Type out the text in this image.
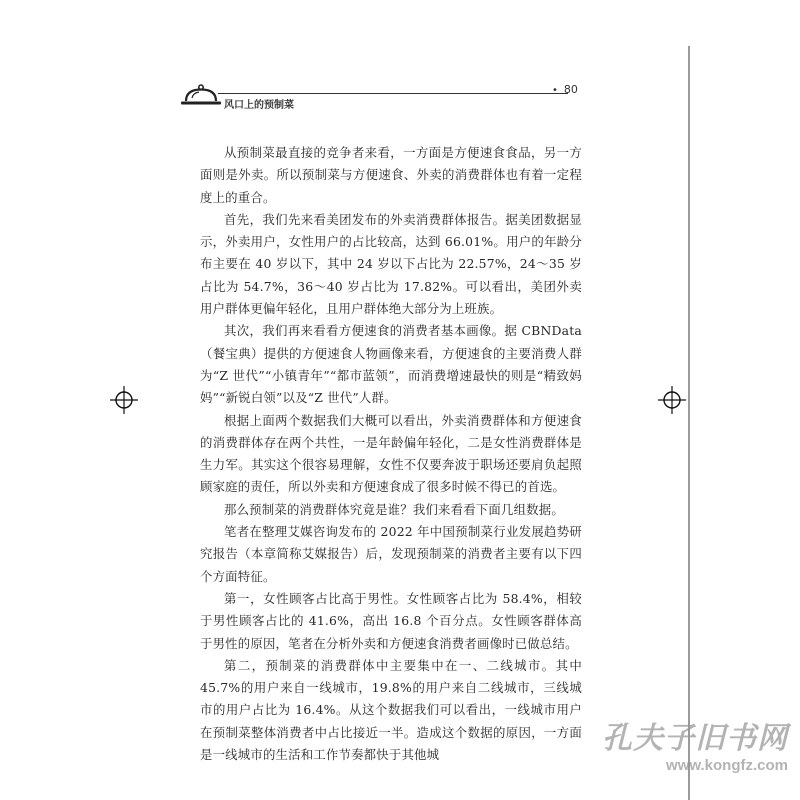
风口上的预制菜
• 80

从预制菜最直接的竞争者来看，一方面是方便速食食品，另一方面则是外卖。所以预制菜与方便速食、外卖的消费群体也有着一定程度上的重合。

首先，我们先来看美团发布的外卖消费群体报告。据美团数据显示，外卖用户，女性用户的占比较高，达到 66.01%。用户的年龄分布主要在 40 岁以下，其中 24 岁以下占比为 22.57%，24～35 岁占比为 54.7%，36～40 岁占比为 17.82%。可以看出，美团外卖用户群体更偏年轻化，且用户群体绝大部分为上班族。

其次，我们再来看看方便速食的消费者基本画像。据 CBNData（餐宝典）提供的方便速食人物画像来看，方便速食的主要消费人群为“Z 世代”“小镇青年”“都市蓝领”，而消费增速最快的则是“精致妈妈”“新锐白领”以及“Z 世代”人群。

根据上面两个数据我们大概可以看出，外卖消费群体和方便速食的消费群体存在两个共性，一是年龄偏年轻化，二是女性消费群体是生力军。其实这个很容易理解，女性不仅要奔波于职场还要肩负起照顾家庭的责任，所以外卖和方便速食成了很多时候不得已的首选。

那么预制菜的消费群体究竟是谁？我们来看看下面几组数据。

笔者在整理艾媒咨询发布的 2022 年中国预制菜行业发展趋势研究报告（本章简称艾媒报告）后，发现预制菜的消费者主要有以下四个方面特征。

第一，女性顾客占比高于男性。女性顾客占比为 58.4%，相较于男性顾客占比的 41.6%，高出 16.8 个百分点。女性顾客群体高于男性的原因，笔者在分析外卖和方便速食消费者画像时已做总结。

第二，预制菜的消费群体中主要集中在一、二线城市。其中 45.7%的用户来自一线城市，19.8%的用户来自二线城市，三线城市的用户占比为 16.4%。从这个数据我们可以看出，一线城市用户在预制菜整体消费者中占比接近一半。造成这个数据的原因，一方面是一线城市的生活和工作节奏都快于其他城	孔夫子旧书网
www.kongfz.com
